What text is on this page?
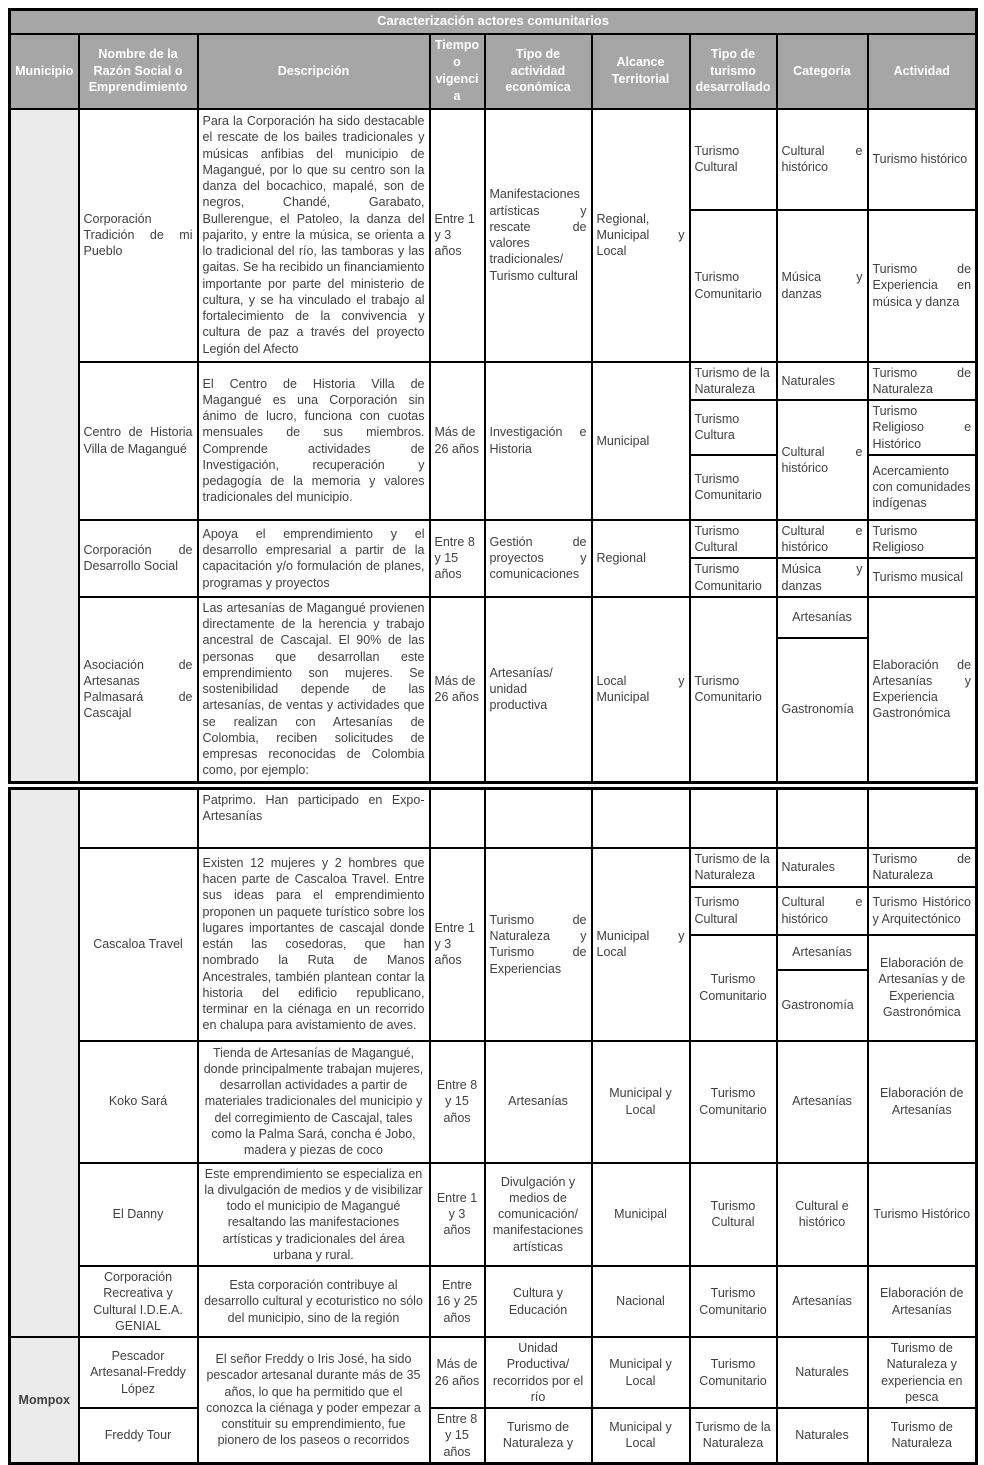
Caracterización actores comunitarios								
Municipio	Nombre de la Razón Social o Emprendimiento	Descripción	Tiempo o vigencia	Tipo de actividad económica	Alcance Territorial	Tipo de turismo desarrollado	Categoría	Actividad
	Corporación Tradición de mi Pueblo	Para la Corporación ha sido destacable el rescate de los bailes tradicionales y músicas anfibias del municipio de Magangué, por lo que su centro son la danza del bocachico, mapalé, son de negros, Chandé, Garabato, Bullerengue, el Patoleo, la danza del pajarito, y entre la música, se orienta a lo tradicional del río, las tamboras y las gaitas. Se ha recibido un financiamiento importante por parte del ministerio de cultura, y se ha vinculado el trabajo al fortalecimiento de la convivencia y cultura de paz a través del proyecto Legión del Afecto	Entre 1 y 3 años	Manifestaciones artísticas y rescate de valores tradicionales/ Turismo cultural	Regional, Municipal y Local	Turismo Cultural	Cultural e histórico	Turismo histórico
						Turismo Comunitario	Música y danzas	Turismo de Experiencia en música y danza
	Centro de Historia Villa de Magangué	El Centro de Historia Villa de Magangué es una Corporación sin ánimo de lucro, funciona con cuotas mensuales de sus miembros. Comprende actividades de Investigación, recuperación y pedagogía de la memoria y valores tradicionales del municipio.	Más de 26 años	Investigación e Historia	Municipal	Turismo de la Naturaleza	Naturales	Turismo de Naturaleza
						Turismo Cultura	Cultural e histórico	Turismo Religioso e Histórico
						Turismo Comunitario		Acercamiento con comunidades indígenas
	Corporación de Desarrollo Social	Apoya el emprendimiento y el desarrollo empresarial a partir de la capacitación y/o formulación de planes, programas y proyectos	Entre 8 y 15 años	Gestión de proyectos y comunicaciones	Regional	Turismo Cultural	Cultural e histórico	Turismo Religioso
						Turismo Comunitario	Música y danzas	Turismo musical
	Asociación de Artesanas Palmasará de Cascajal	Las artesanías de Magangué provienen directamente de la herencia y trabajo ancestral de Cascajal. El 90% de las personas que desarrollan este emprendimiento son mujeres. Se sostenibilidad depende de las artesanías, de ventas y actividades que se realizan con Artesanías de Colombia, reciben solicitudes de empresas reconocidas de Colombia como, por ejemplo:	Más de 26 años	Artesanías/ unidad productiva	Local y Municipal	Turismo Comunitario	Artesanías	Elaboración de Artesanías y Experiencia Gastronómica
							Gastronomía	
		Patprimo. Han participado en Expo-Artesanías						
	Cascaloa Travel	Existen 12 mujeres y 2 hombres que hacen parte de Cascaloa Travel. Entre sus ideas para el emprendimiento proponen un paquete turístico sobre los lugares importantes de cascajal donde están las cosedoras, que han nombrado la Ruta de Manos Ancestrales, también plantean contar la historia del edificio republicano, terminar en la ciénaga en un recorrido en chalupa para avistamiento de aves.	Entre 1 y 3 años	Turismo de Naturaleza y Turismo de Experiencias	Municipal y Local	Turismo de la Naturaleza	Naturales	Turismo de Naturaleza
						Turismo Cultural	Cultural e histórico	Turismo Histórico y Arquitectónico
						Turismo Comunitario	Artesanías	Elaboración de Artesanías y de Experiencia Gastronómica
							Gastronomía	
	Koko Sará	Tienda de Artesanías de Magangué, donde principalmente trabajan mujeres, desarrollan actividades a partir de materiales tradicionales del municipio y del corregimiento de Cascajal, tales como la Palma Sará, concha é Jobo, madera y piezas de coco	Entre 8 y 15 años	Artesanías	Municipal y Local	Turismo Comunitario	Artesanías	Elaboración de Artesanías
	El Danny	Este emprendimiento se especializa en la divulgación de medios y de visibilizar todo el municipio de Magangué resaltando las manifestaciones artísticas y tradicionales del área urbana y rural.	Entre 1 y 3 años	Divulgación y medios de comunicación/ manifestaciones artísticas	Municipal	Turismo Cultural	Cultural e histórico	Turismo Histórico
	Corporación Recreativa y Cultural I.D.E.A. GENIAL	Esta corporación contribuye al desarrollo cultural y ecoturistico no sólo del municipio, sino de la región	Entre 16 y 25 años	Cultura y Educación	Nacional	Turismo Comunitario	Artesanías	Elaboración de Artesanías
Mompox	Pescador Artesanal-Freddy López	El señor Freddy o Iris José, ha sido pescador artesanal durante más de 35 años, lo que ha permitido que el conozca la ciénaga y poder empezar a constituir su emprendimiento, fue pionero de los paseos o recorridos	Más de 26 años	Unidad Productiva/ recorridos por el río	Municipal y Local	Turismo Comunitario	Naturales	Turismo de Naturaleza y experiencia en pesca
	Freddy Tour		Entre 8 y 15 años	Turismo de Naturaleza y	Municipal y Local	Turismo de la Naturaleza	Naturales	Turismo de Naturaleza
